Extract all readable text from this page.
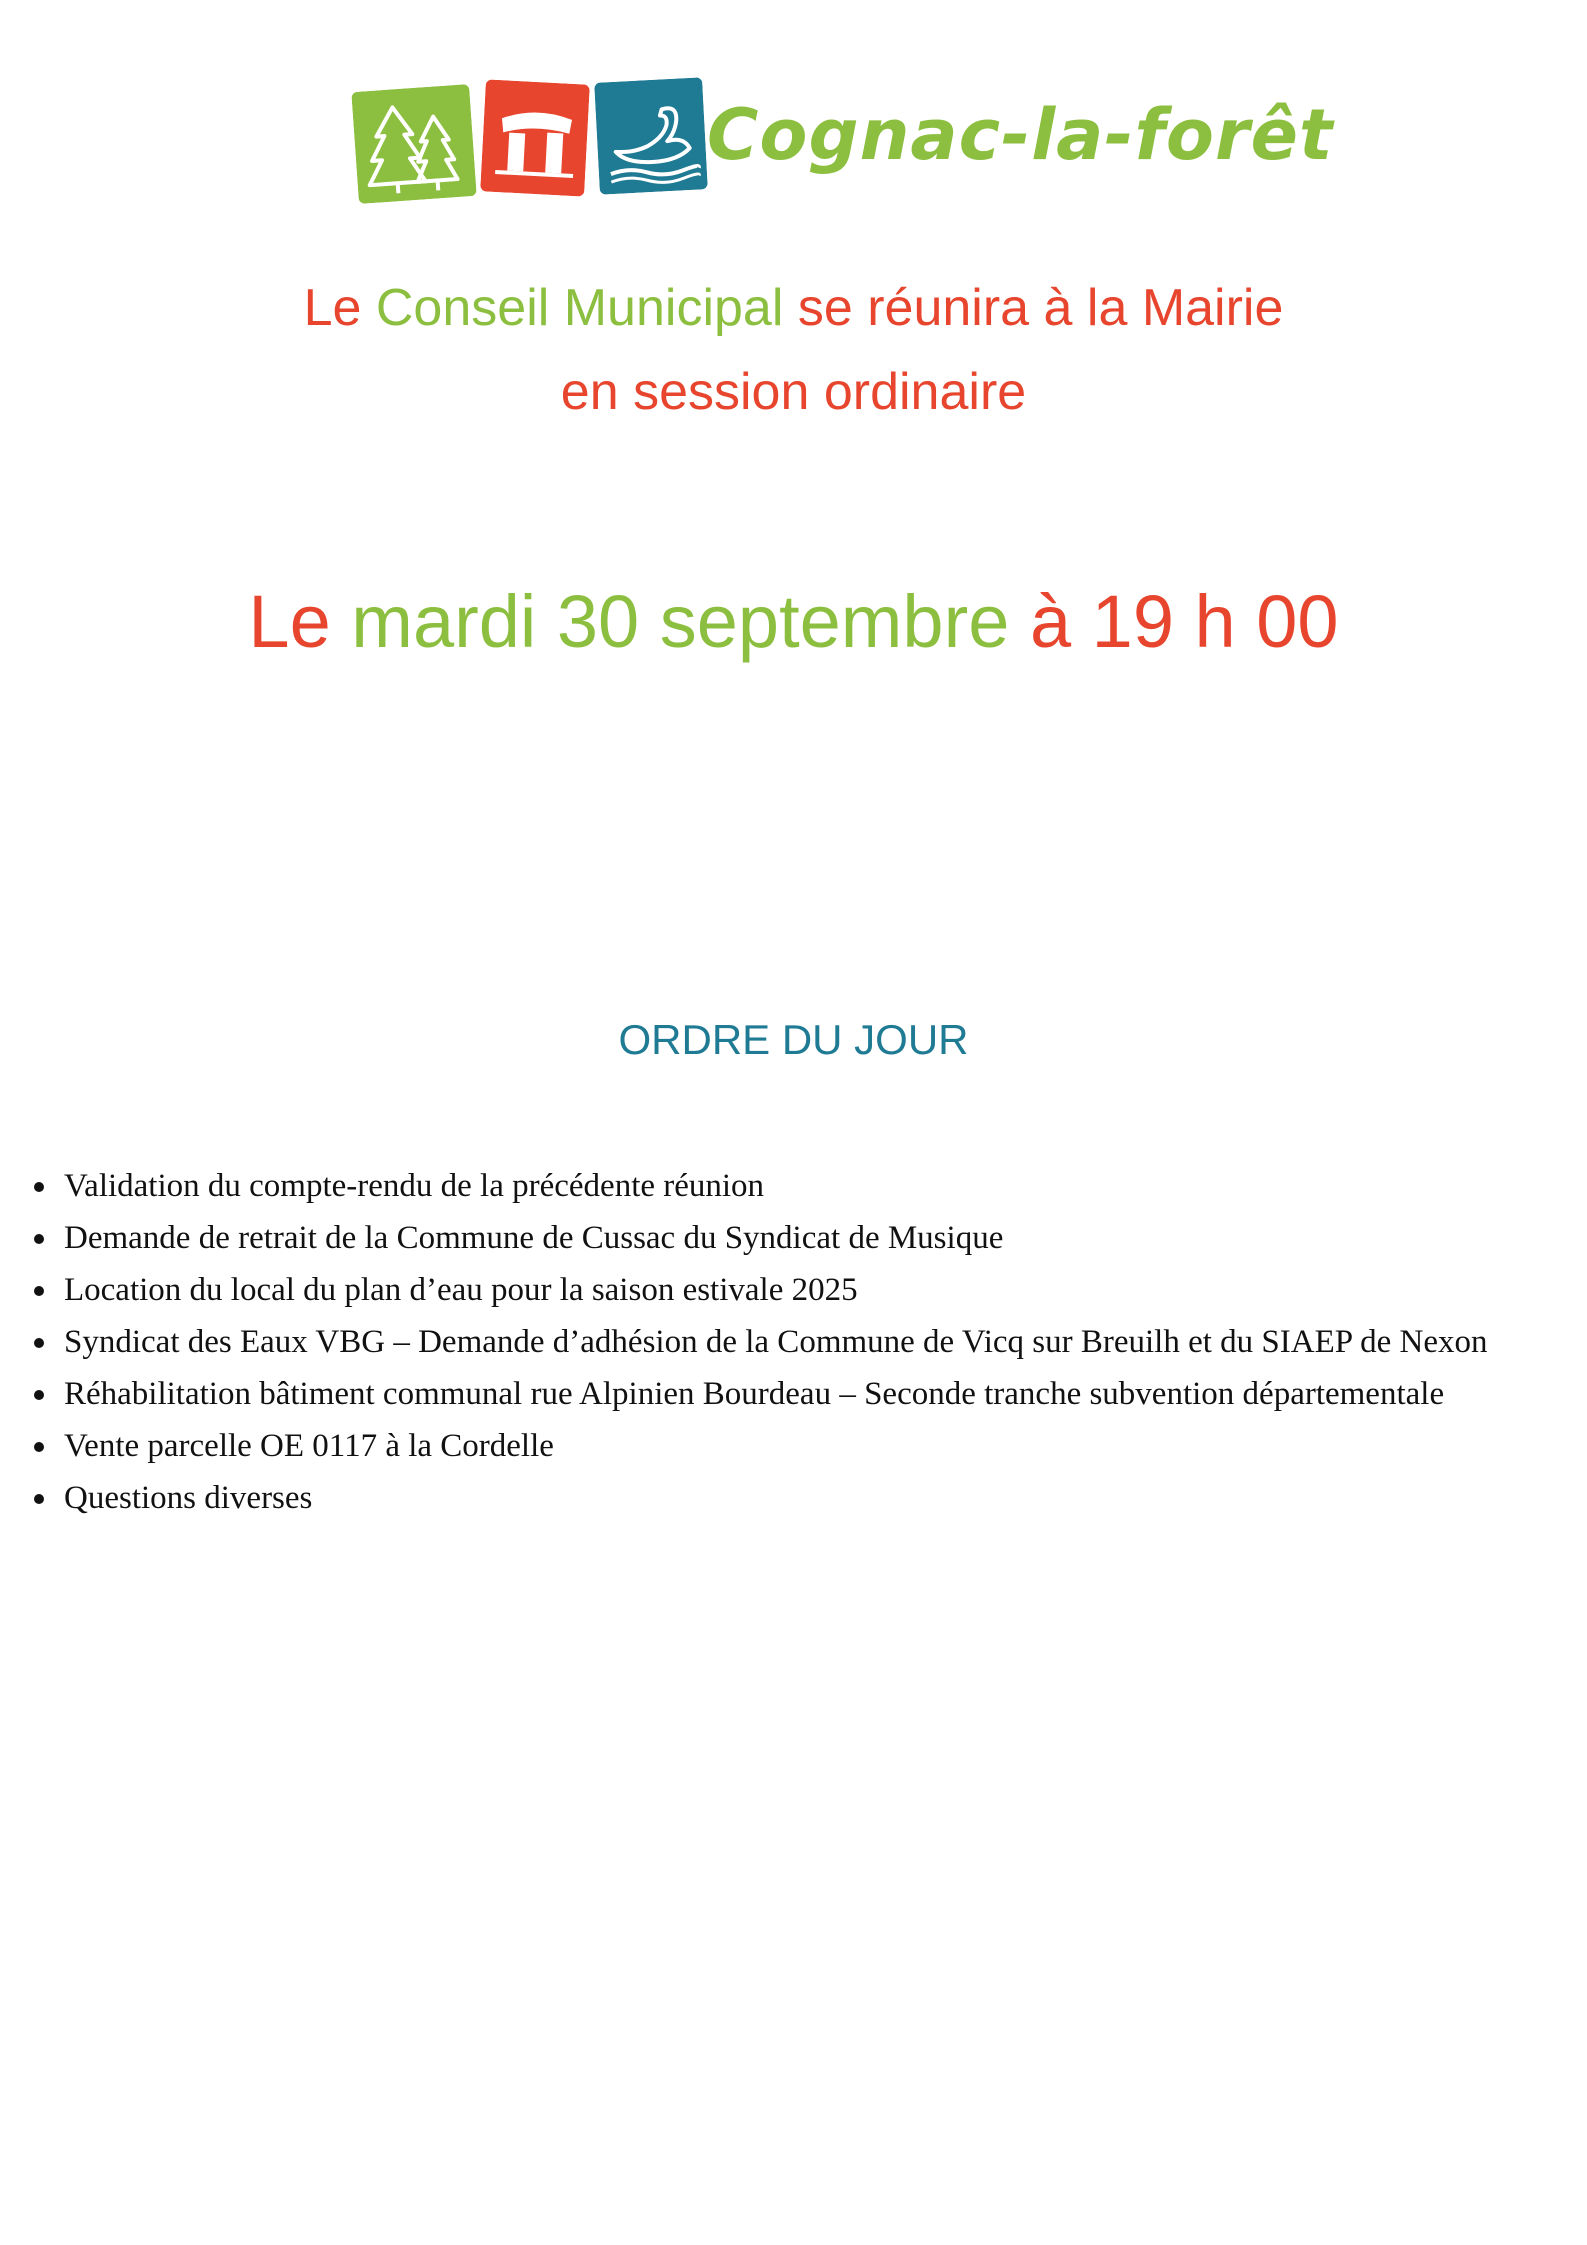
Cognac-la-forêt
Le Conseil Municipal se réunira à la Mairie
en session ordinaire
Le mardi 30 septembre à 19 h 00
ORDRE DU JOUR
Validation du compte-rendu de la précédente réunion
Demande de retrait de la Commune de Cussac du Syndicat de Musique
Location du local du plan d’eau pour la saison estivale 2025
Syndicat des Eaux VBG – Demande d’adhésion de la Commune de Vicq sur Breuilh et du SIAEP de Nexon
Réhabilitation bâtiment communal rue Alpinien Bourdeau – Seconde tranche subvention départementale
Vente parcelle OE 0117 à la Cordelle
Questions diverses
